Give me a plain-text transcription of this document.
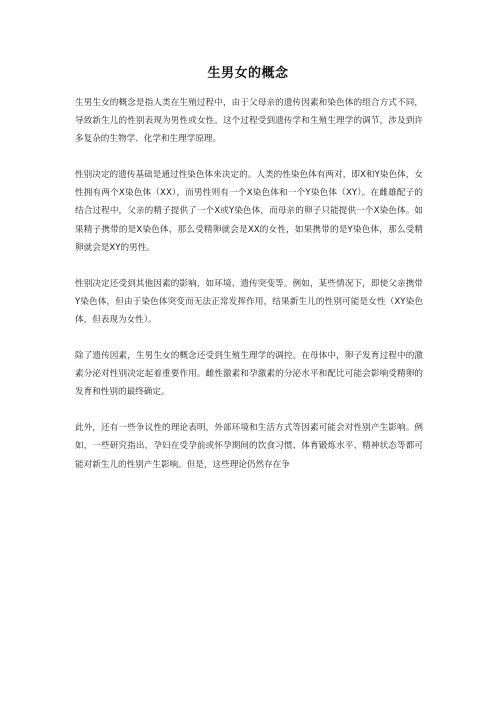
生男女的概念

生男生女的概念是指人类在生殖过程中，由于父母亲的遗传因素和染色体的组合方式不同，导致新生儿的性别表现为男性或女性。这个过程受到遗传学和生殖生理学的调节，涉及到许多复杂的生物学、化学和生理学原理。

性别决定的遗传基础是通过性染色体来决定的。人类的性染色体有两对，即X和Y染色体，女性拥有两个X染色体（XX），而男性则有一个X染色体和一个Y染色体（XY）。在雌雄配子的结合过程中，父亲的精子提供了一个X或Y染色体，而母亲的卵子只能提供一个X染色体。如果精子携带的是X染色体，那么受精卵就会是XX的女性，如果携带的是Y染色体，那么受精卵就会是XY的男性。

性别决定还受到其他因素的影响，如环境、遗传突变等。例如，某些情况下，即使父亲携带Y染色体，但由于染色体突变而无法正常发挥作用，结果新生儿的性别可能是女性（XY染色体，但表现为女性）。

除了遗传因素，生男生女的概念还受到生殖生理学的调控。在母体中，卵子发育过程中的激素分泌对性别决定起着重要作用。雌性激素和孕激素的分泌水平和配比可能会影响受精卵的发育和性别的最终确定。

此外，还有一些争议性的理论表明，外部环境和生活方式等因素可能会对性别产生影响。例如，一些研究指出，孕妇在受孕前或怀孕期间的饮食习惯、体育锻炼水平、精神状态等都可能对新生儿的性别产生影响。但是，这些理论仍然存在争
